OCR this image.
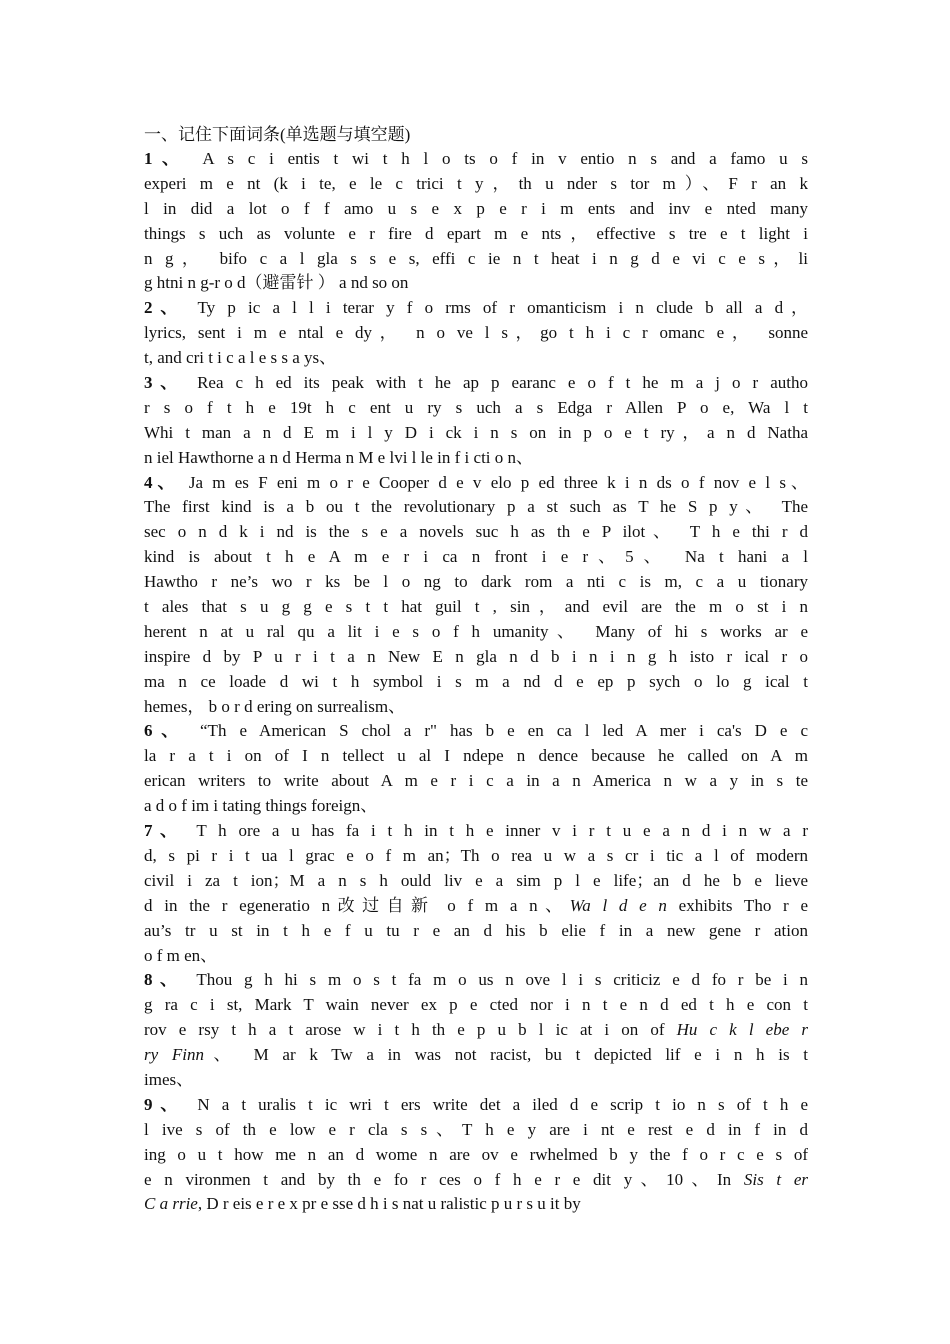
一、记住下面词条(单选题与填空题)
1、 A s c i entis t wi t h l o ts o f in v entio n s and a famo u s
experi m e nt (k i te, e le c trici t y，th u nder s tor m）、F r an k
l in did a lot o f f amo u s e x p e r i m ents and inv e nted many
things s uch as volunte e r fire d epart m e nts，effective s tre e t light i
n g， bifo c a l gla s s e s, effi c ie n t heat i n g d e vi c e s，li
g htni n g-r o d（避雷针 ） a nd so on
2、 Ty p ic a l l i terar y f o rms of r omanticism i n clude b all a d，
lyrics, sent i m e ntal e dy， n o ve l s，go t h i c r omanc e， sonne
t, and cri t i c a l e s s a ys、
3、 Rea c h ed its peak with t he ap p earanc e o f t he m a j o r autho
r s o f t h e 19t h c ent u ry s uch a s Edga r Allen P o e, Wa l t
Whi t man a n d E m i l y D i ck i n s on in p o e t ry，a n d Natha
n iel Hawthorne a n d Herma n M e lvi l le in f i cti o n、
4、 Ja m es F eni m o r e Cooper d e v elo p ed three k i n ds o f nov e l s、
The first kind is a b ou t the revolutionary p a st such as T he S p y、 The
sec o n d k i nd is the s e a novels suc h as th e P ilot、 T h e thi r d
kind is about t h e A m e r i ca n front i e r、5、 Na t hani a l
Hawtho r ne’s wo r ks be l o ng to dark rom a nti c is m, c a u tionary
t ales that s u g g e s t t hat guil t , sin，and evil are the m o st i n
herent n at u ral qu a lit i e s o f h umanity、 Many of hi s works ar e
inspire d by P u r i t a n New E n gla n d b i n i n g h isto r ical r o
ma n ce loade d wi t h symbol i s m a nd d e ep p sych o lo g ical t
hemes， b o r d ering on surrealism、
6、 “Th e American S chol a r" has b e en ca l led A mer i ca's D e c
la r a t i on of I n tellect u al I ndepe n dence because he called on A m
erican writers to write about A m e r i c a in a n America n w a y in s te
a d o f im i tating things foreign、
7、 T h ore a u has fa i t h in t h e inner v i r t u e a n d i n w a r
d, s pi r i t ua l grac e o f m an；Th o rea u w a s cr i tic a l of modern
civil i za t ion；M a n s h ould liv e a sim p l e life；an d he b e lieve
d in the r egeneratio n改过自新 o f m a n、Wa l d e n exhibits Tho r e
au’s tr u st in t h e f u tu r e an d his b elie f in a new gene r ation
o f m en、
8、 Thou g h hi s m o s t fa m o us n ove l i s criticiz e d fo r be i n
g ra c i st, Mark T wain never ex p e cted nor i n t e n d ed t h e con t
rov e rsy t h a t arose w i t h th e p u b l ic at i on of Hu c k l ebe r
ry Finn、 M ar k Tw a in was not racist, bu t depicted lif e i n h is t
imes、
9、 N a t uralis t ic wri t ers write det a iled d e scrip t io n s of t h e
l ive s of th e low e r cla s s、T h e y are i nt e rest e d in f in d
ing o u t how me n an d wome n are ov e rwhelmed b y the f o r c e s of
e n vironmen t and by th e fo r ces o f h e r e dit y、10、In Sis t er
C a rrie, D r eis e r e x pr e sse d h i s nat u ralistic p u r s u it by
